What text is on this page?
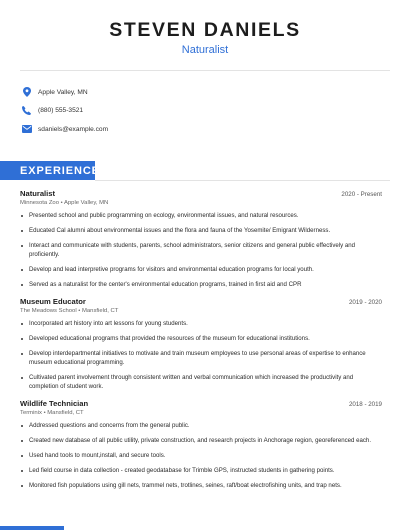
STEVEN DANIELS
Naturalist
Apple Valley, MN
(880) 555-3521
sdaniels@example.com
EXPERIENCE
Naturalist	2020 - Present
Minnesota Zoo • Apple Valley, MN
Presented school and public programming on ecology, environmental issues, and natural resources.
Educated Cal alumni about environmental issues and the flora and fauna of the Yosemite/ Emigrant Wilderness.
Interact and communicate with students, parents, school administrators, senior citizens and general public effectively and proficiently.
Develop and lead interpretive programs for visitors and environmental education programs for local youth.
Served as a naturalist for the center's environmental education programs, trained in first aid and CPR
Museum Educator	2019 - 2020
The Meadows School • Mansfield, CT
Incorporated art history into art lessons for young students.
Developed educational programs that provided the resources of the museum for educational institutions.
Develop interdepartmental initiatives to motivate and train museum employees to use personal areas of expertise to enhance museum educational programming.
Cultivated parent involvement through consistent written and verbal communication which increased the productivity and completion of student work.
Wildlife Technician	2018 - 2019
Terminix • Mansfield, CT
Addressed questions and concerns from the general public.
Created new database of all public utility, private construction, and research projects in Anchorage region, georeferenced each.
Used hand tools to mount,install, and secure tools.
Led field course in data collection - created geodatabase for Trimble GPS, instructed students in gathering points.
Monitored fish populations using gill nets, trammel nets, trotlines, seines, raft/boat electrofishing units, and trap nets.
